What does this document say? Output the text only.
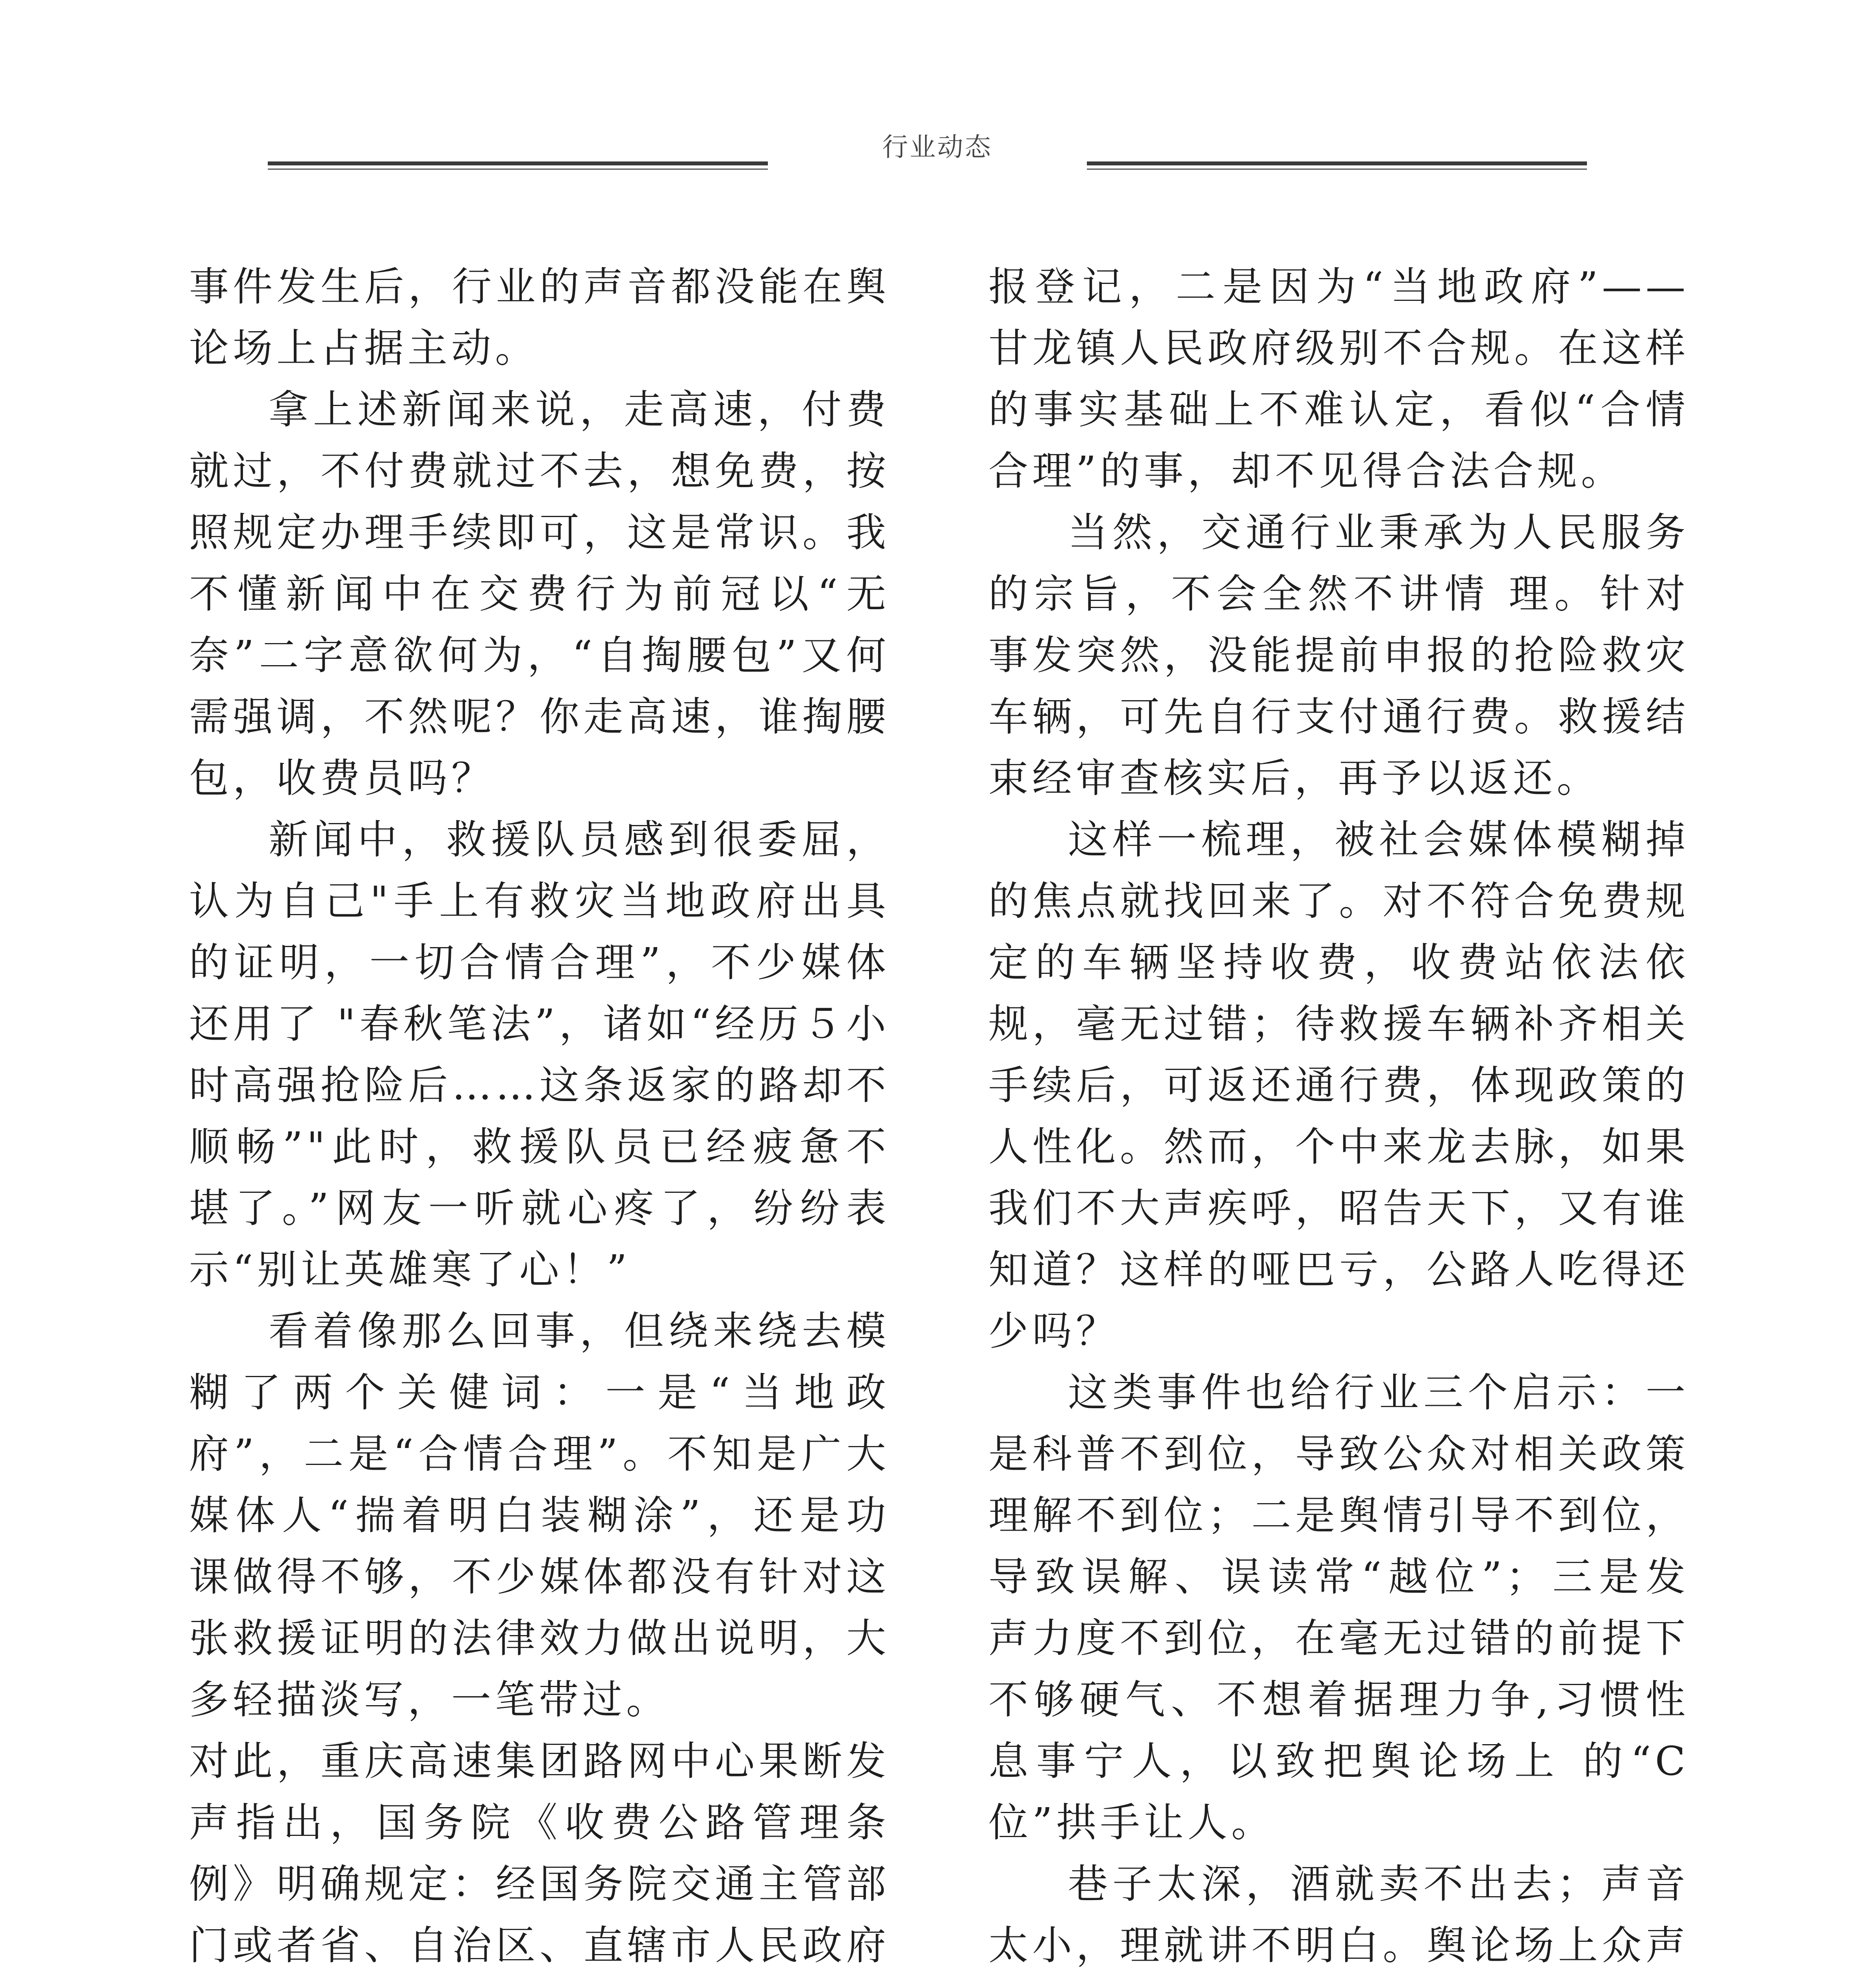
行业动态

事件发生后，行业的声音都没能在舆论场上占据主动。

拿上述新闻来说，走高速，付费就过，不付费就过不去，想免费，按照规定办理手续即可，这是常识。我不懂新闻中在交费行为前冠以“无奈”二字意欲何为，“自掏腰包”又何需强调，不然呢？你走高速，谁掏腰包，收费员吗？

新闻中，救援队员感到很委屈，认为自己"手上有救灾当地政府出具的证明，一切合情合理”，不少媒体还用了 "春秋笔法”，诸如“经历５小时高强抢险后……这条返家的路却不顺畅”"此时，救援队员已经疲惫不堪了。”网友一听就心疼了，纷纷表示“别让英雄寒了心！”

看着像那么回事，但绕来绕去模糊了两个关健词：一是“当地政府”，二是“合情合理”。不知是广大媒体人“揣着明白装糊涂”，还是功课做得不够，不少媒体都没有针对这张救援证明的法律效力做出说明，大多轻描淡写，一笔带过。

对此，重庆高速集团路网中心果断发声指出，国务院《收费公路管理条例》明确规定：经国务院交通主管部门或者省、自治区、直辖市人民政府

报登记，二是因为“当地政府”——甘龙镇人民政府级别不合规。在这样的事实基础上不难认定，看似“合情合理”的事，却不见得合法合规。

当然，交通行业秉承为人民服务的宗旨，不会全然不讲情 理。针对事发突然，没能提前申报的抢险救灾车辆，可先自行支付通行费。救援结束经审查核实后，再予以返还。

这样一梳理，被社会媒体模糊掉的焦点就找回来了。对不符合免费规定的车辆坚持收费，收费站依法依规，毫无过错；待救援车辆补齐相关手续后，可返还通行费，体现政策的人性化。然而，个中来龙去脉，如果我们不大声疾呼，昭告天下，又有谁知道？这样的哑巴亏，公路人吃得还少吗？

这类事件也给行业三个启示：一是科普不到位，导致公众对相关政策理解不到位；二是舆情引导不到位，导致误解、误读常“越位”；三是发声力度不到位，在毫无过错的前提下不够硬气、不想着据理力争,习惯性息事宁人，以致把舆论场上 的“C位”拱手让人。

巷子太深，酒就卖不出去；声音太小，理就讲不明白。舆论场上众声
